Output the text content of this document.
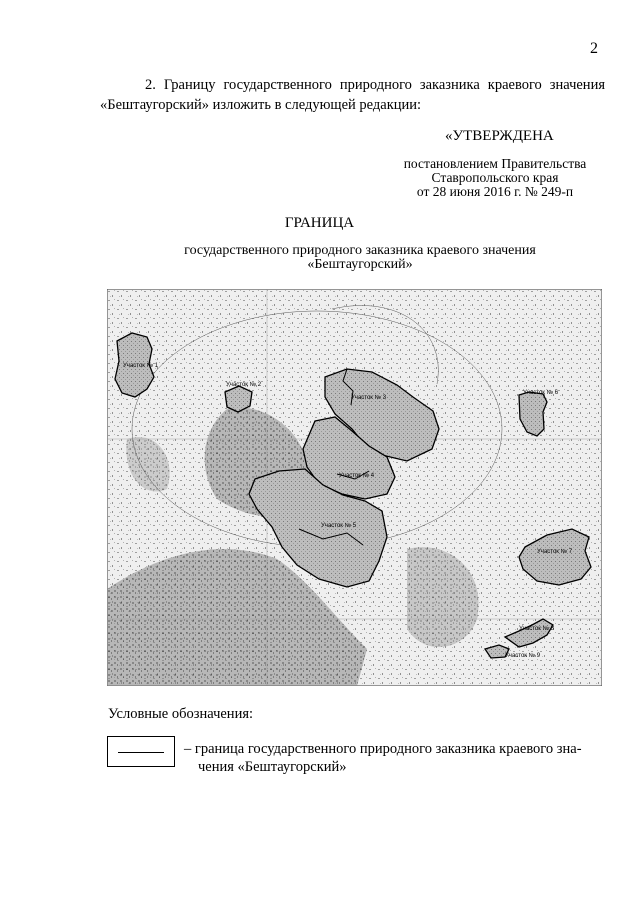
2
2. Границу государственного природного заказника краевого значения «Бештаугорский» изложить в следующей редакции:
«УТВЕРЖДЕНА
постановлением Правительства
Ставропольского края
от 28 июня 2016 г. № 249-п
ГРАНИЦА
государственного природного заказника краевого значения
«Бештаугорский»
Участок № 1
Участок № 2
Участок № 3
Участок № 4
Участок № 5
Участок № 6
Участок № 7
Участок № 8
Участок № 9
Условные обозначения:
– граница государственного природного заказника краевого зна-
чения «Бештаугорский»
